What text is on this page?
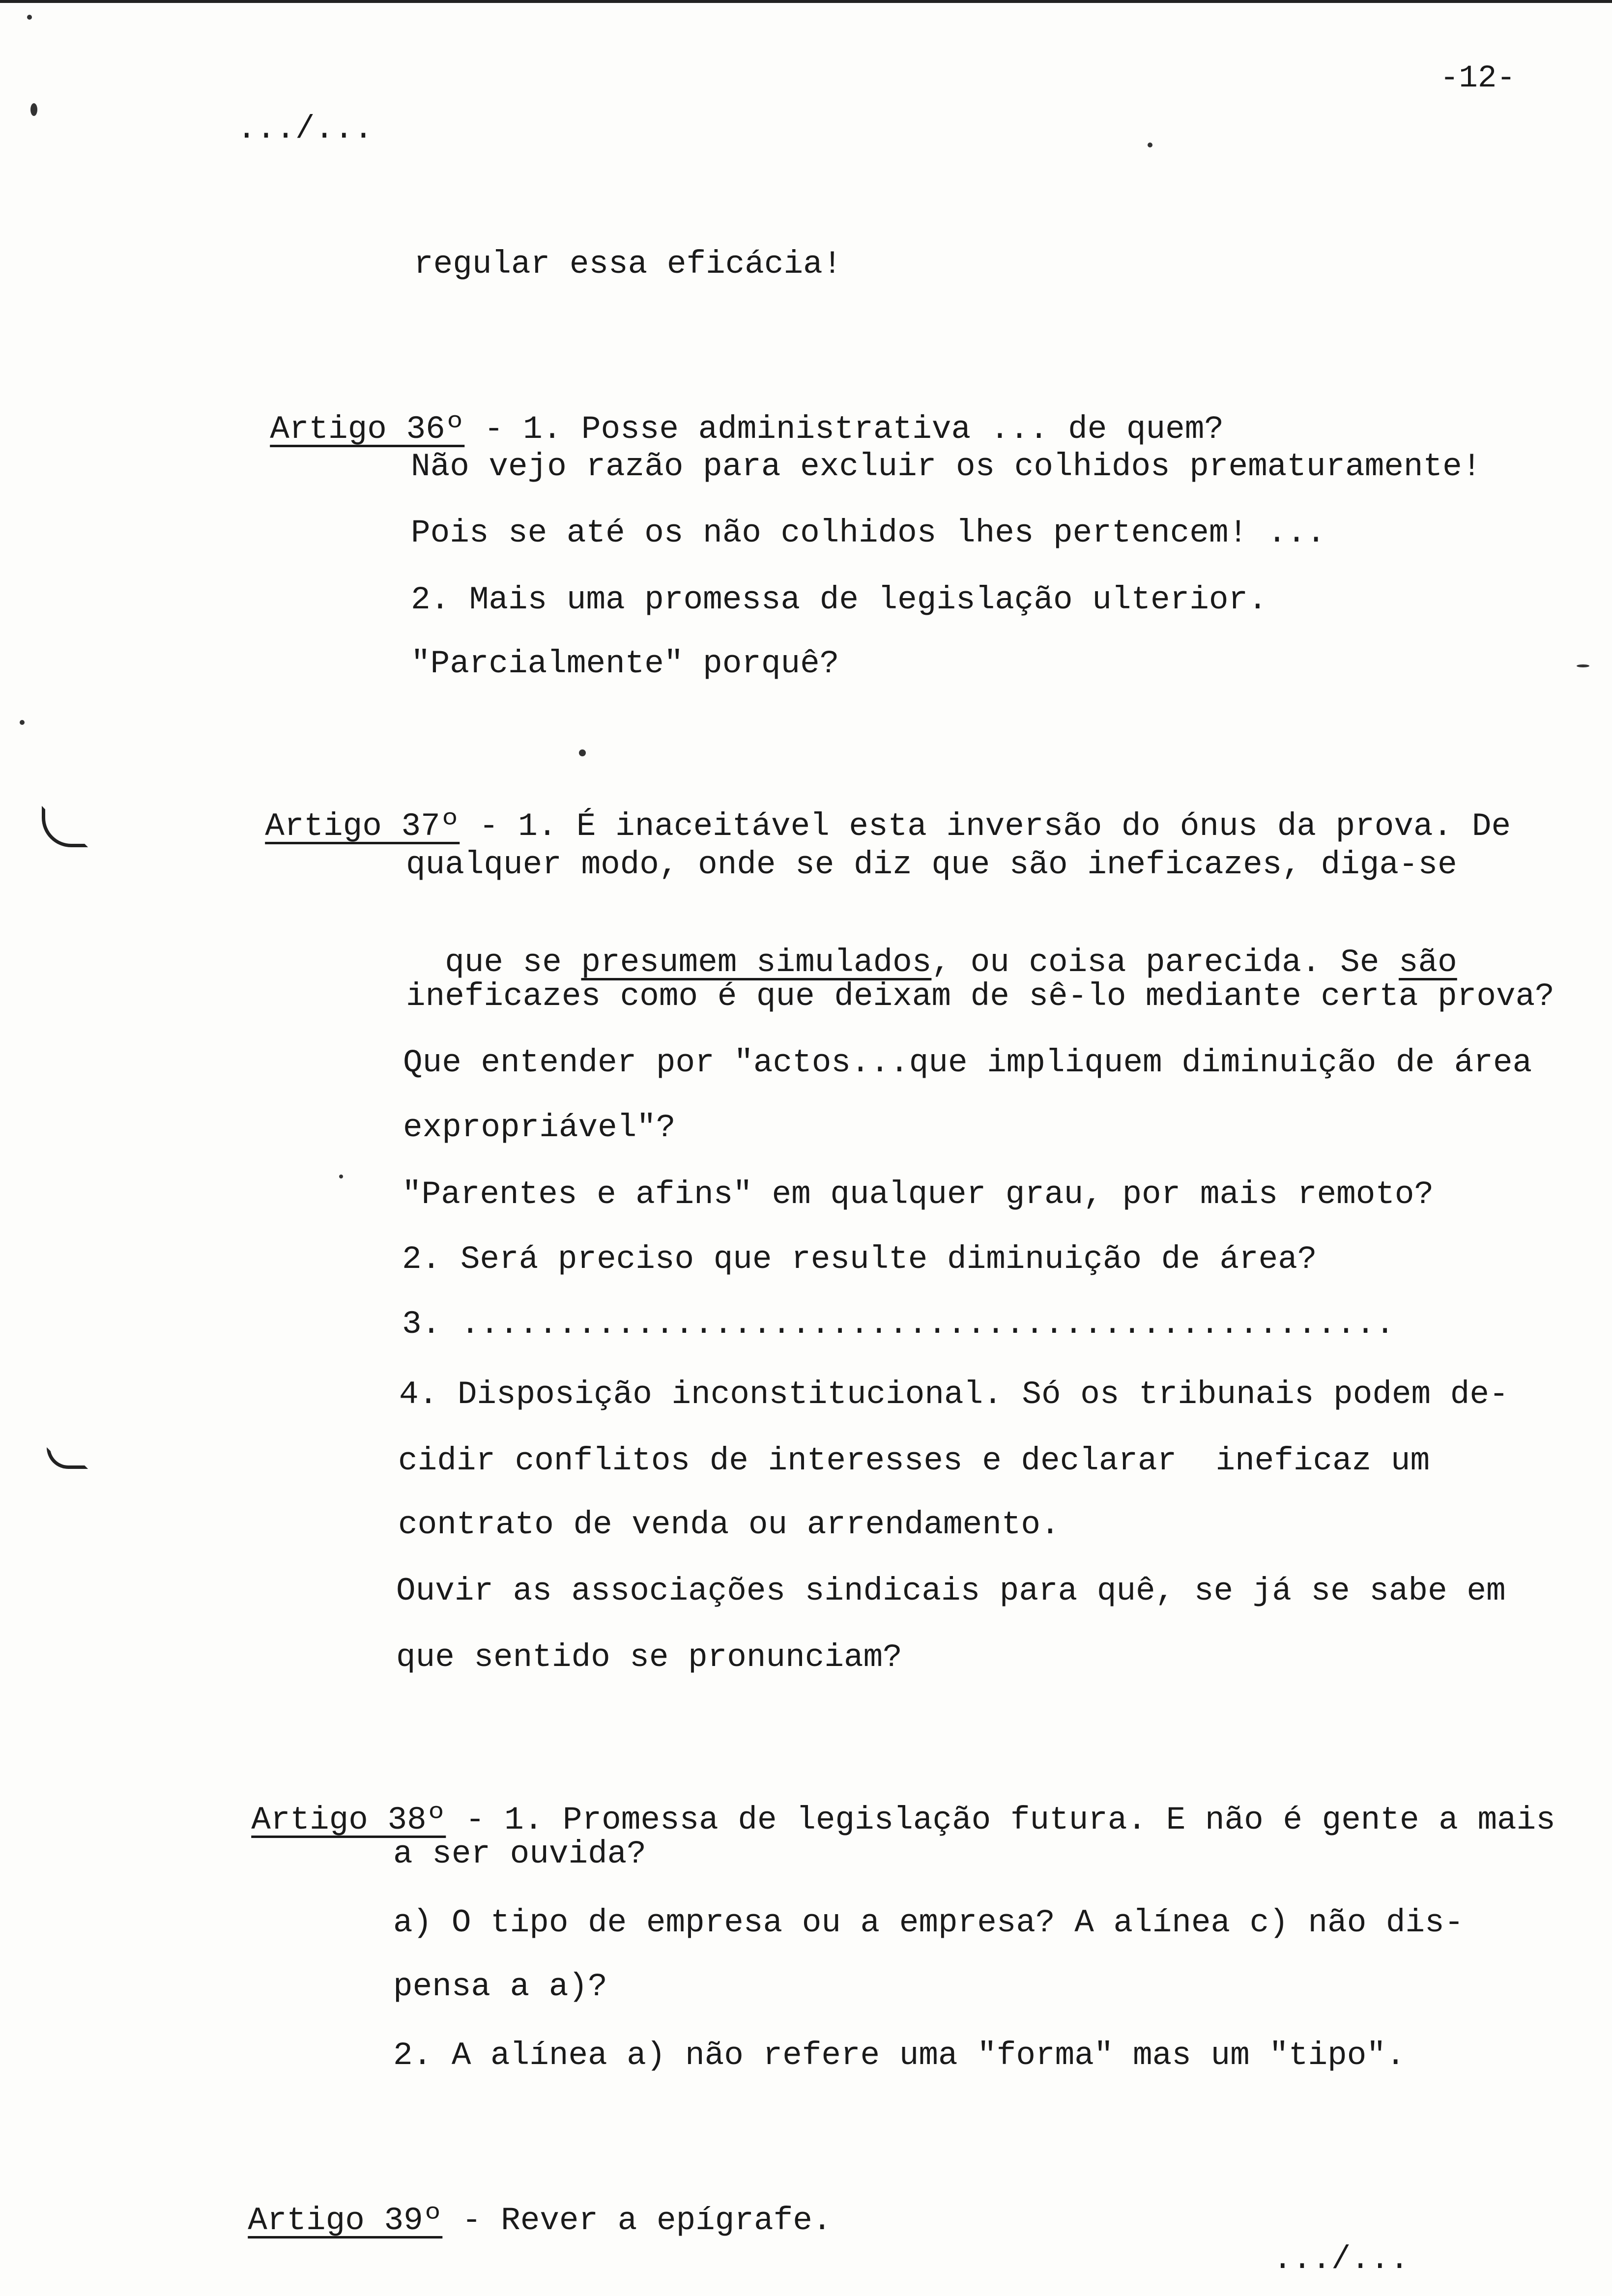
-12-
.../...
regular essa eficácia!

Artigo 36º - 1. Posse administrativa ... de quem?

Não vejo razão para excluir os colhidos prematuramente!
Pois se até os não colhidos lhes pertencem! ...
2. Mais uma promessa de legislação ulterior.
"Parcialmente" porquê?

Artigo 37º - 1. É inaceitável esta inversão do ónus da prova. De

qualquer modo, onde se diz que são ineficazes, diga-se

que se presumem simulados, ou coisa parecida. Se são

ineficazes como é que deixam de sê-lo mediante certa prova?
Que entender por "actos...que impliquem diminuição de área
expropriável"?
"Parentes e afins" em qualquer grau, por mais remoto?
2. Será preciso que resulte diminuição de área?
3. ................................................
4. Disposição inconstitucional. Só os tribunais podem de-
cidir conflitos de interesses e declarar  ineficaz um
contrato de venda ou arrendamento.
Ouvir as associações sindicais para quê, se já se sabe em
que sentido se pronunciam?

Artigo 38º - 1. Promessa de legislação futura. E não é gente a mais

a ser ouvida?
a) O tipo de empresa ou a empresa? A alínea c) não dis-
pensa a a)?
2. A alínea a) não refere uma "forma" mas um "tipo".

Artigo 39º - Rever a epígrafe.

.../...
